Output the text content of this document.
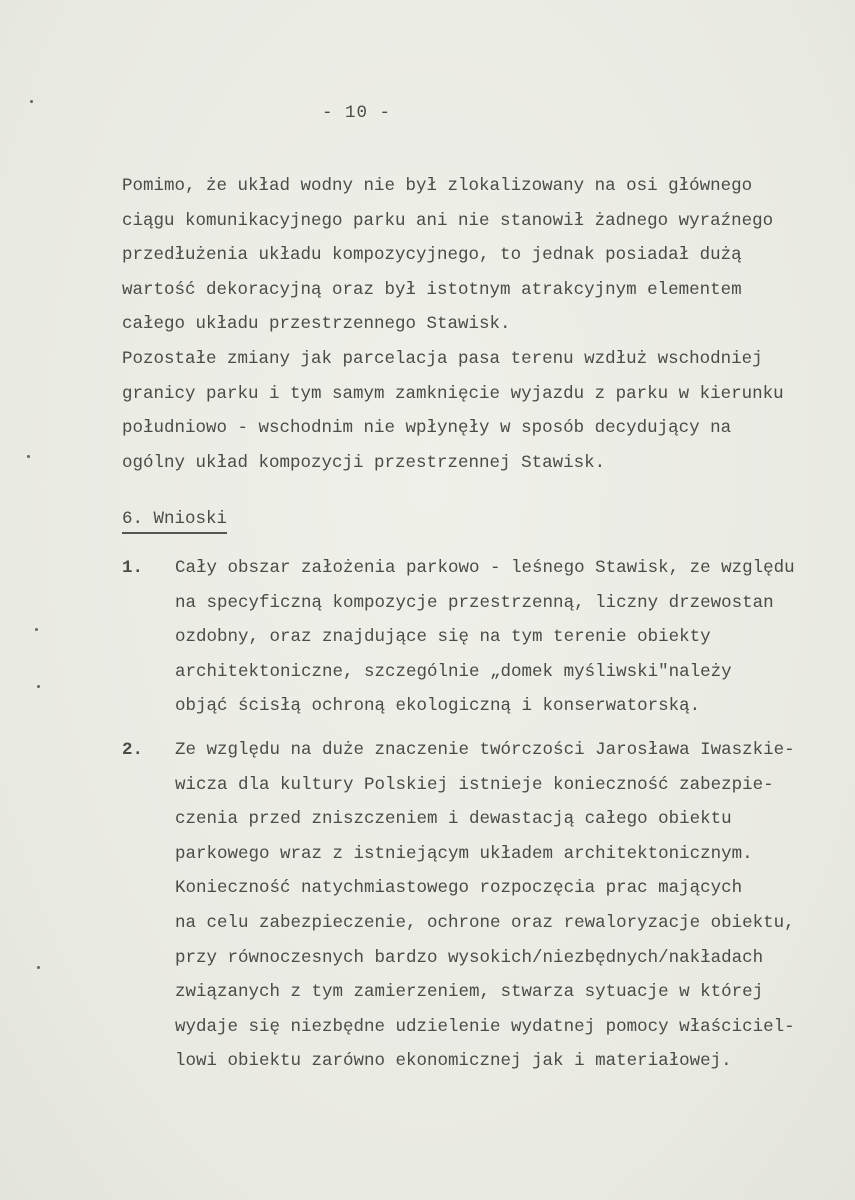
- 10 -
Pomimo, że układ wodny nie był zlokalizowany na osi głównego
ciągu komunikacyjnego parku ani nie stanowił żadnego wyraźnego
przedłużenia układu kompozycyjnego, to jednak posiadał dużą
wartość dekoracyjną oraz był istotnym atrakcyjnym elementem
całego układu przestrzennego Stawisk.
Pozostałe zmiany jak parcelacja pasa terenu wzdłuż wschodniej
granicy parku i tym samym zamknięcie wyjazdu z parku w kierunku
południowo - wschodnim nie wpłynęły w sposób decydujący na
ogólny układ kompozycji przestrzennej Stawisk.
6. Wnioski
1. Cały obszar założenia parkowo - leśnego Stawisk, ze względu
na specyficzną kompozycje przestrzenną, liczny drzewostan
ozdobny, oraz znajdujące się na tym terenie obiekty
architektoniczne, szczególnie „domek myśliwski"należy
objąć ścisłą ochroną ekologiczną i konserwatorską.
2. Ze względu na duże znaczenie twórczości Jarosława Iwaszkie-
wicza dla kultury Polskiej istnieje konieczność zabezpie-
czenia przed zniszczeniem i dewastacją całego obiektu
parkowego wraz z istniejącym układem architektonicznym.
Konieczność natychmiastowego rozpoczęcia prac mających
na celu zabezpieczenie, ochrone oraz rewaloryzacje obiektu,
przy równoczesnych bardzo wysokich/niezbędnych/nakładach
związanych z tym zamierzeniem, stwarza sytuacje w której
wydaje się niezbędne udzielenie wydatnej pomocy właściciel-
lowi obiektu zarówno ekonomicznej jak i materiałowej.
